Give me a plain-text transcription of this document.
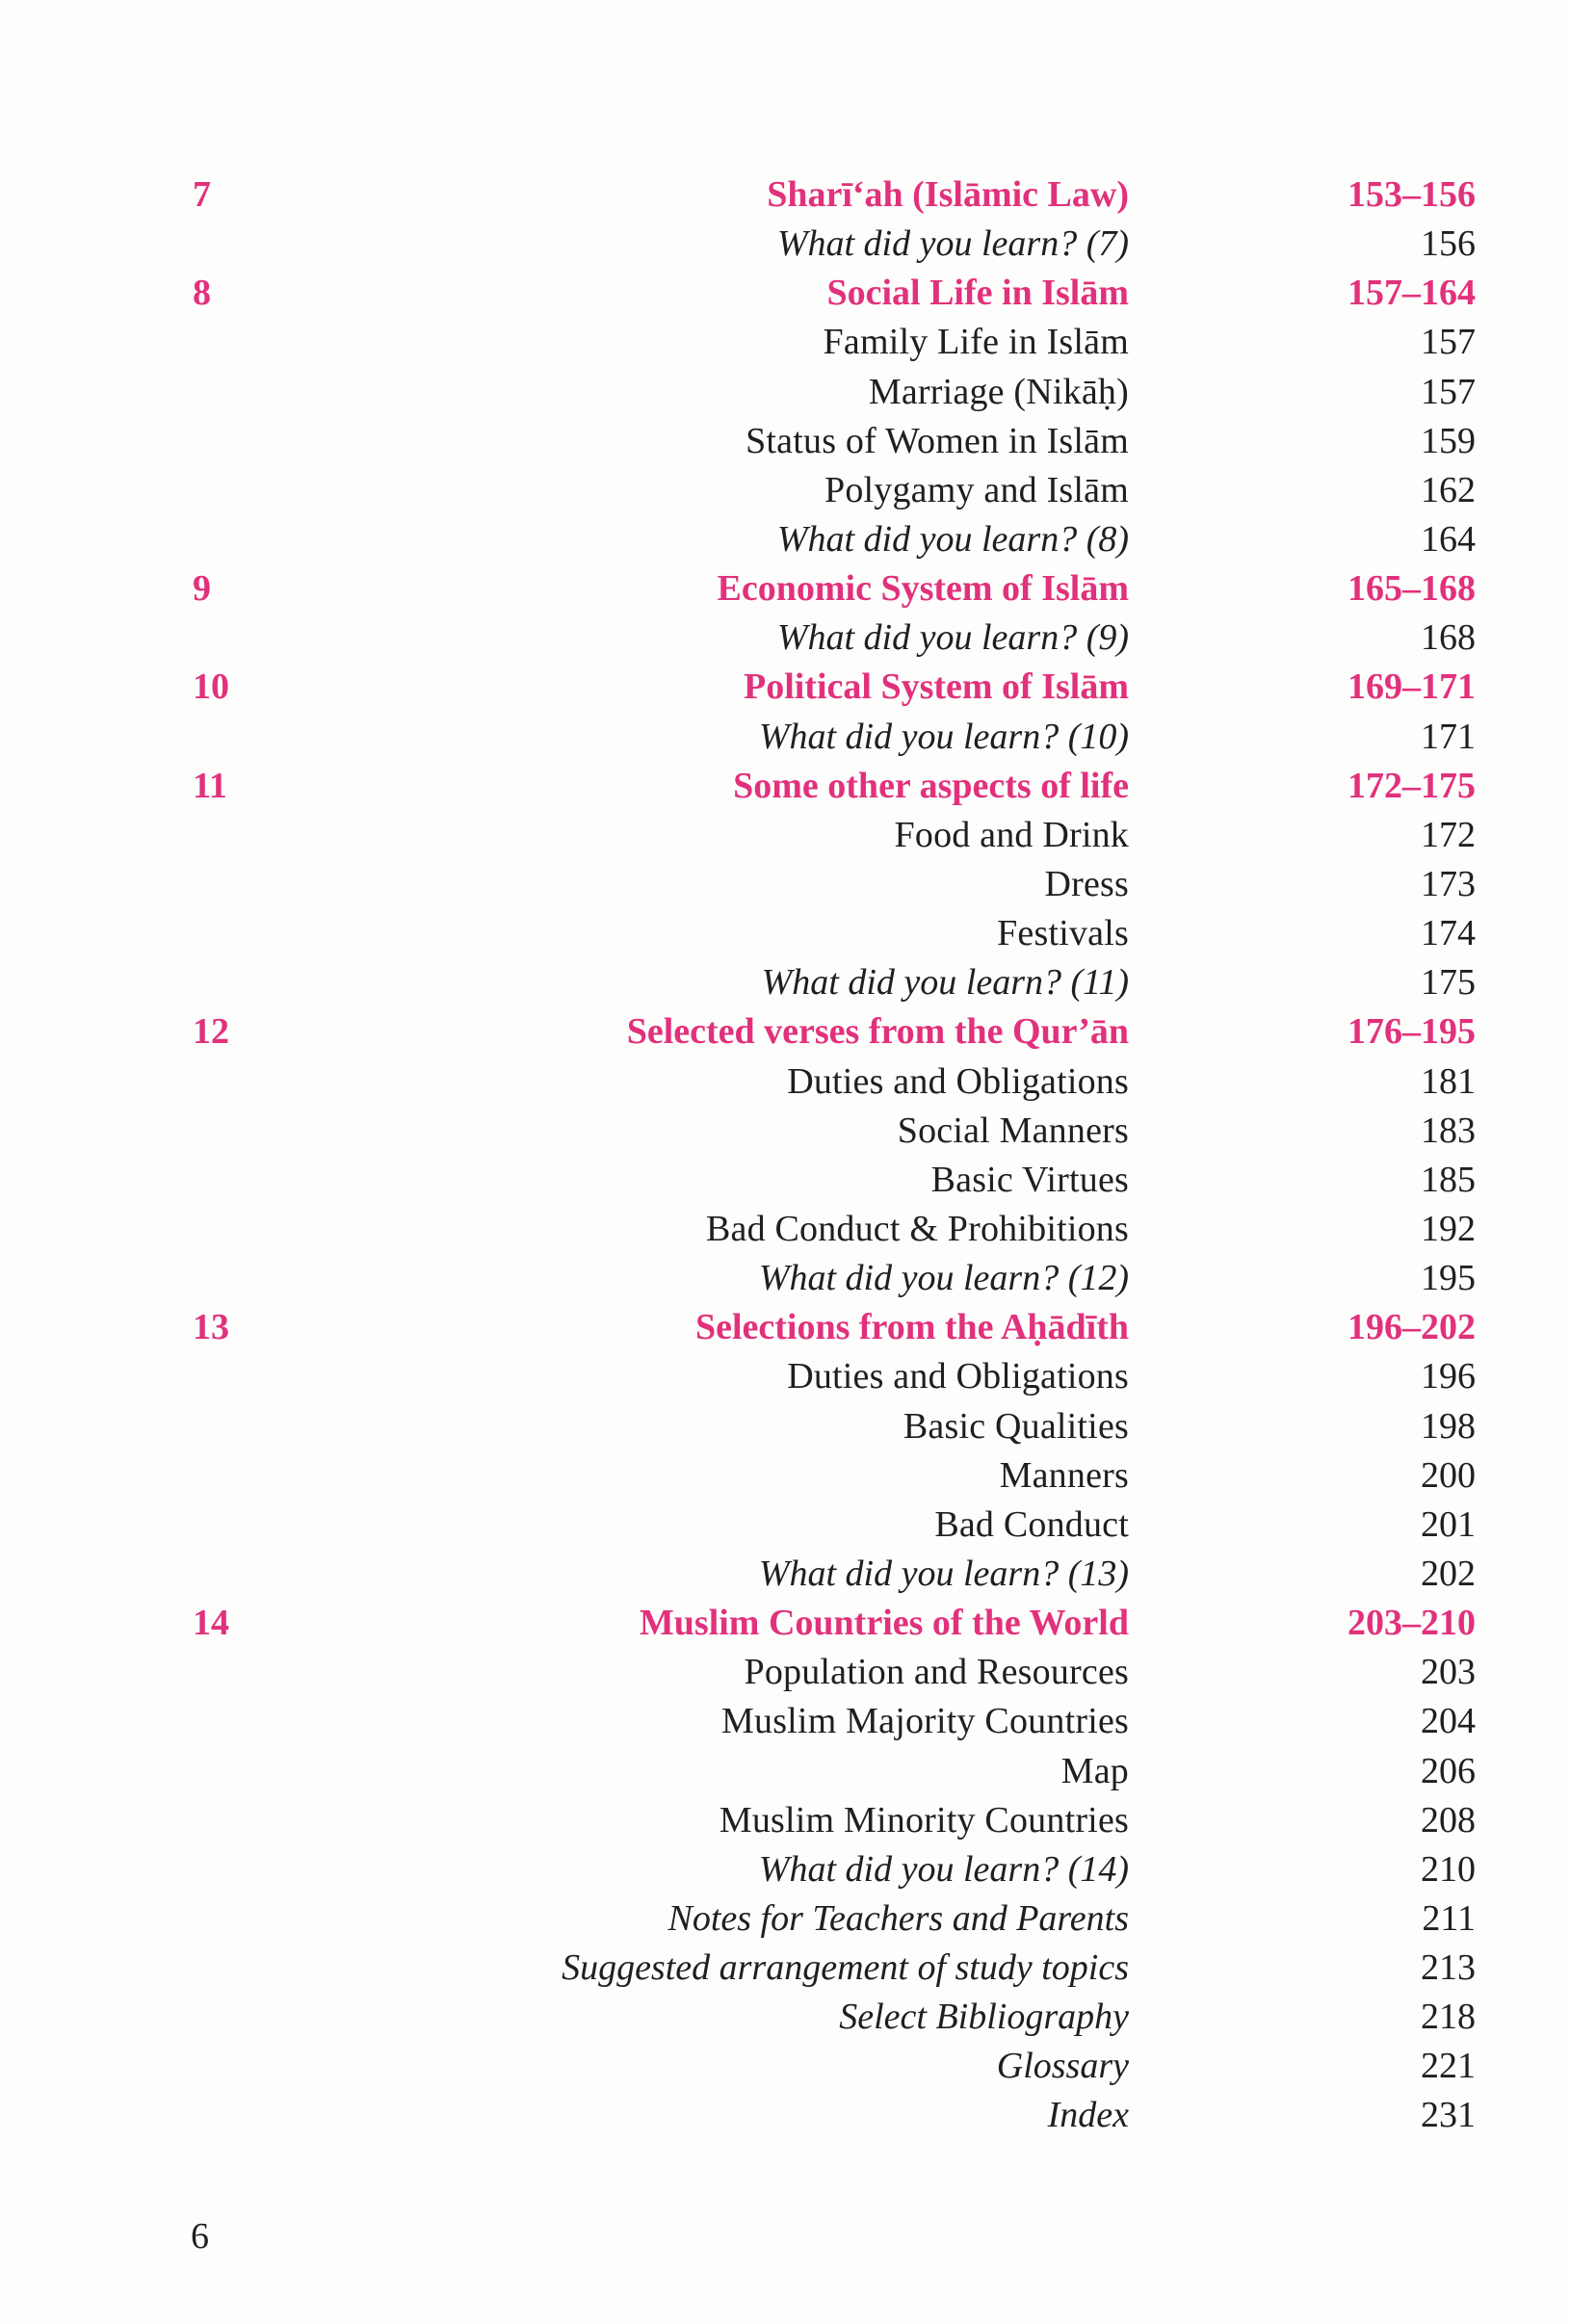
7	Sharī‘ah (Islāmic Law)	153–156
What did you learn? (7)	156
8	Social Life in Islām	157–164
Family Life in Islām	157
Marriage (Nikāḥ)	157
Status of Women in Islām	159
Polygamy and Islām	162
What did you learn? (8)	164
9	Economic System of Islām	165–168
What did you learn? (9)	168
10	Political System of Islām	169–171
What did you learn? (10)	171
11	Some other aspects of life	172–175
Food and Drink	172
Dress	173
Festivals	174
What did you learn? (11)	175
12	Selected verses from the Qur’ān	176–195
Duties and Obligations	181
Social Manners	183
Basic Virtues	185
Bad Conduct & Prohibitions	192
What did you learn? (12)	195
13	Selections from the Aḥādīth	196–202
Duties and Obligations	196
Basic Qualities	198
Manners	200
Bad Conduct	201
What did you learn? (13)	202
14	Muslim Countries of the World	203–210
Population and Resources	203
Muslim Majority Countries	204
Map	206
Muslim Minority Countries	208
What did you learn? (14)	210
Notes for Teachers and Parents	211
Suggested arrangement of study topics	213
Select Bibliography	218
Glossary	221
Index	231
6
